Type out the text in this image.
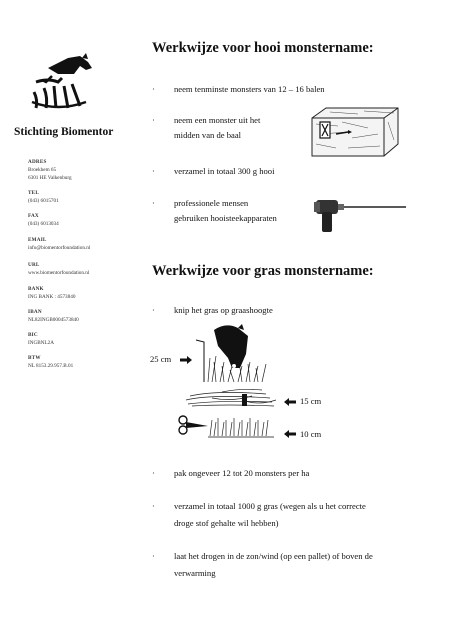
Stichting Biomentor
ADRES
Broekhem 65
6301 HE Valkenburg
TEL
(043) 6015701
FAX
(043) 6013034
EMAIL
info@biomentorfoundation.nl
URL
www.biomentorfoundation.nl
BANK
ING BANK : 4573840
IBAN
NL82INGB0004573840
BIC
INGBNL2A
BTW
NL 8153.29.957.B.01
Werkwijze voor hooi monstername:
·	neem tenminste monsters van 12 – 16 balen
·	neem een monster uit het
midden van de baal
·	verzamel in totaal 300 g hooi
·	professionele mensen
gebruiken hooisteekapparaten
Werkwijze voor gras monstername:
·	knip het gras op graashoogte
25 cm
15 cm
10 cm
·	pak ongeveer 12 tot 20 monsters per ha
·	verzamel in totaal 1000 g gras (wegen als u het correcte
droge stof gehalte wil hebben)
·	laat het drogen in de zon/wind (op een pallet) of boven de
verwarming
